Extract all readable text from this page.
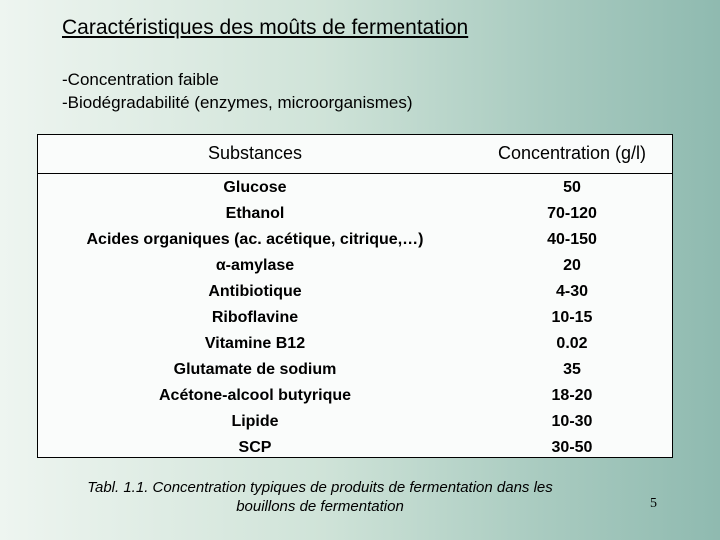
Caractéristiques des moûts de fermentation
-Concentration faible
-Biodégradabilité (enzymes, microorganismes)
Substances	Concentration (g/l)
Glucose	50
Ethanol	70-120
Acides organiques (ac. acétique, citrique,…)	40-150
α-amylase	20
Antibiotique	4-30
Riboflavine	10-15
Vitamine B12	0.02
Glutamate de sodium	35
Acétone-alcool butyrique	18-20
Lipide	10-30
SCP	30-50
Tabl. 1.1. Concentration typiques de produits de fermentation dans les bouillons de fermentation	5
